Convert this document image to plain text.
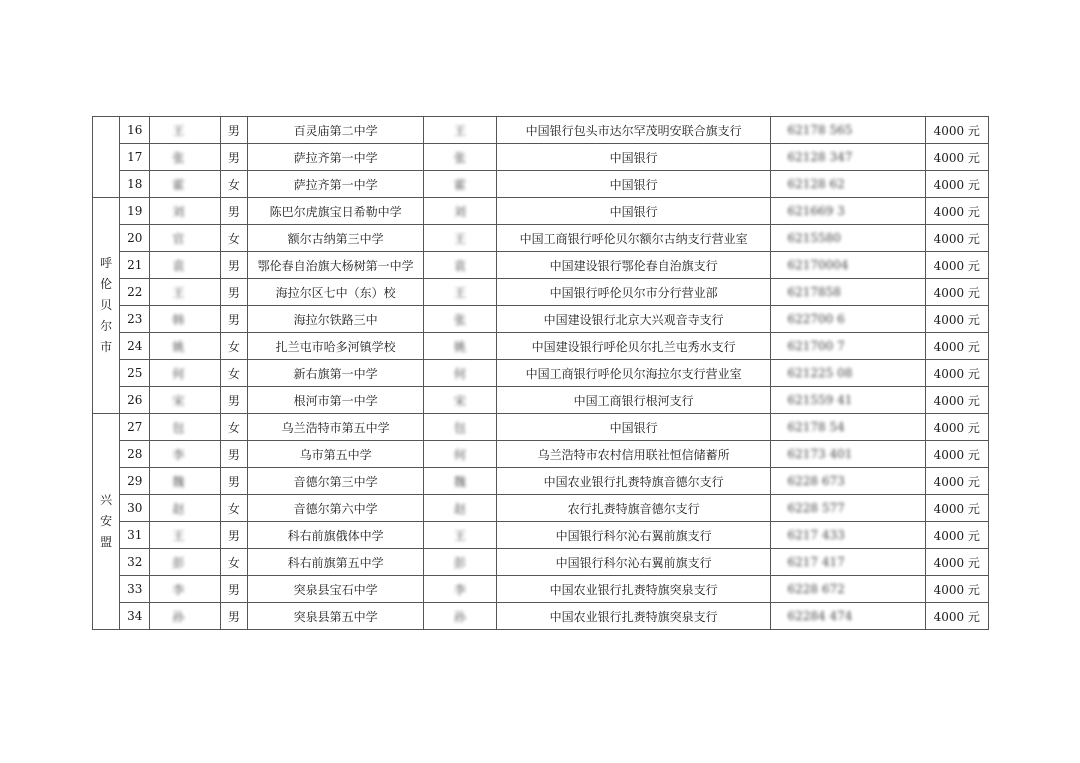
	16	王	男	百灵庙第二中学	王	中国银行包头市达尔罕茂明安联合旗支行	62178 565	4000 元
	17	张	男	萨拉齐第一中学	张	中国银行	62128 347	4000 元
	18	霍	女	萨拉齐第一中学	霍	中国银行	62128 62	4000 元
呼伦贝尔市	19	刘	男	陈巴尔虎旗宝日希勒中学	刘	中国银行	621669 3	4000 元
	20	官	女	额尔古纳第三中学	王	中国工商银行呼伦贝尔额尔古纳支行营业室	6215580	4000 元
	21	袁	男	鄂伦春自治旗大杨树第一中学	袁	中国建设银行鄂伦春自治旗支行	62170004	4000 元
	22	王	男	海拉尔区七中（东）校	王	中国银行呼伦贝尔市分行营业部	6217858	4000 元
	23	韩	男	海拉尔铁路三中	张	中国建设银行北京大兴观音寺支行	622700 6	4000 元
	24	姚	女	扎兰屯市哈多河镇学校	姚	中国建设银行呼伦贝尔扎兰屯秀水支行	621700 7	4000 元
	25	何	女	新右旗第一中学	何	中国工商银行呼伦贝尔海拉尔支行营业室	621225 08	4000 元
	26	宋	男	根河市第一中学	宋	中国工商银行根河支行	621559 41	4000 元
兴安盟	27	包	女	乌兰浩特市第五中学	包	中国银行	62178 54	4000 元
	28	李	男	乌市第五中学	何	乌兰浩特市农村信用联社恒信储蓄所	62173 401	4000 元
	29	魏	男	音德尔第三中学	魏	中国农业银行扎赉特旗音德尔支行	6228 673	4000 元
	30	赵	女	音德尔第六中学	赵	农行扎赉特旗音德尔支行	6228 577	4000 元
	31	王	男	科右前旗俄体中学	王	中国银行科尔沁右翼前旗支行	6217 433	4000 元
	32	彭	女	科右前旗第五中学	彭	中国银行科尔沁右翼前旗支行	6217 417	4000 元
	33	李	男	突泉县宝石中学	李	中国农业银行扎赉特旗突泉支行	6228 672	4000 元
	34	孙	男	突泉县第五中学	孙	中国农业银行扎赉特旗突泉支行	62284 474	4000 元
